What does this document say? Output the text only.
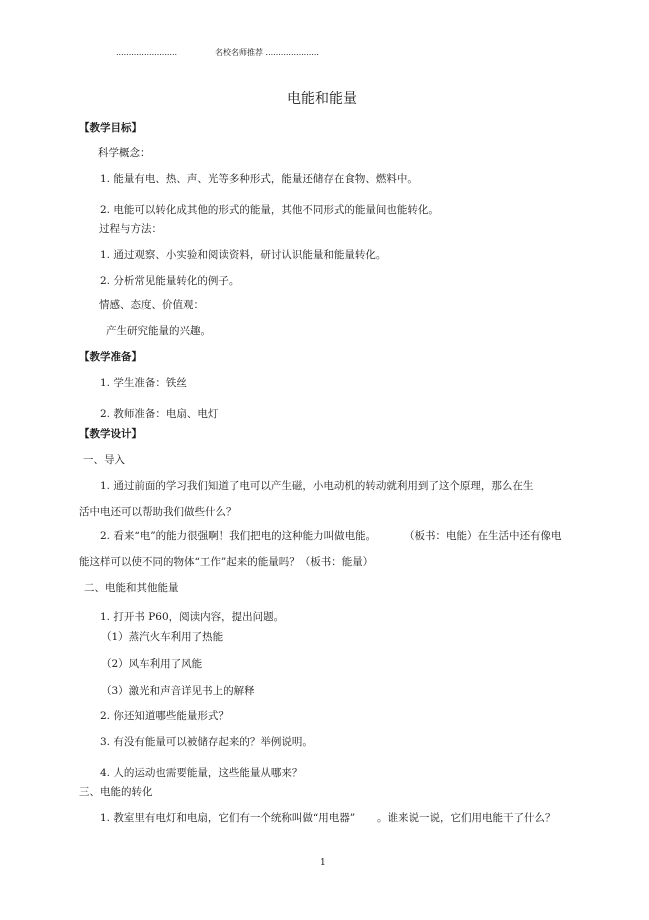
........................	名校名师推荐 .....................
电能和能量
【教学目标】
科学概念：
1. 能量有电、热、声、光等多种形式，能量还储存在食物、燃料中。
2. 电能可以转化成其他的形式的能量，其他不同形式的能量间也能转化。
过程与方法：
1. 通过观察、小实验和阅读资料，研讨认识能量和能量转化。
2. 分析常见能量转化的例子。
情感、态度、价值观：
产生研究能量的兴趣。
【教学准备】
1. 学生准备：铁丝
2. 教师准备：电扇、电灯
【教学设计】
一、导入
1. 通过前面的学习我们知道了电可以产生磁，小电动机的转动就利用到了这个原理，那么在生
活中电还可以帮助我们做些什么？
2. 看来“电”的能力很强啊！我们把电的这种能力叫做电能。	（板书：电能）在生活中还有像电
能这样可以使不同的物体“工作”起来的能量吗？（板书：能量）
二、电能和其他能量
1. 打开书 P60，阅读内容，提出问题。
（1）蒸汽火车利用了热能
（2）风车利用了风能
（3）激光和声音详见书上的解释
2. 你还知道哪些能量形式？
3. 有没有能量可以被储存起来的？举例说明。
4. 人的运动也需要能量，这些能量从哪来？
三、电能的转化
1. 教室里有电灯和电扇，它们有一个统称叫做“用电器” 。谁来说一说，它们用电能干了什么？
1
